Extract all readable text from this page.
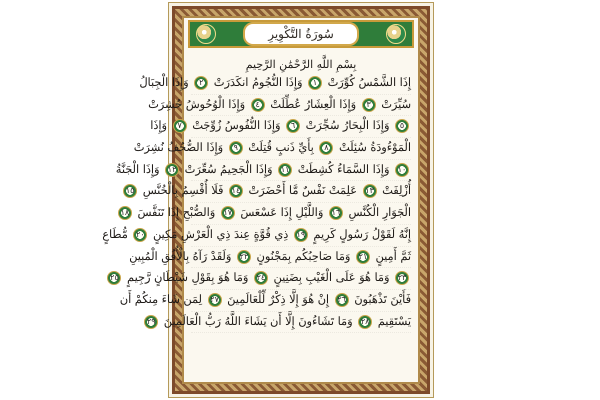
سُورَةُ التَّكْوِيرِ
بِسْمِ اللَّهِ الرَّحْمَٰنِ الرَّحِيمِ
إِذَا الشَّمْسُ كُوِّرَتْ ١ وَإِذَا النُّجُومُ انكَدَرَتْ ٢ وَإِذَا الْجِبَالُ
سُيِّرَتْ ٣ وَإِذَا الْعِشَارُ عُطِّلَتْ ٤ وَإِذَا الْوُحُوشُ حُشِرَتْ
٥ وَإِذَا الْبِحَارُ سُجِّرَتْ ٦ وَإِذَا النُّفُوسُ زُوِّجَتْ ٧ وَإِذَا
الْمَوْءُودَةُ سُئِلَتْ ٨ بِأَيِّ ذَنبٍ قُتِلَتْ ٩ وَإِذَا الصُّحُفُ نُشِرَتْ
١٠ وَإِذَا السَّمَاءُ كُشِطَتْ ١١ وَإِذَا الْجَحِيمُ سُعِّرَتْ ١٢ وَإِذَا الْجَنَّةُ
أُزْلِفَتْ ١٣ عَلِمَتْ نَفْسٌ مَّا أَحْضَرَتْ ١٤ فَلَا أُقْسِمُ بِالْخُنَّسِ ١٥
الْجَوَارِ الْكُنَّسِ ١٦ وَاللَّيْلِ إِذَا عَسْعَسَ ١٧ وَالصُّبْحِ إِذَا تَنَفَّسَ ١٨
إِنَّهُ لَقَوْلُ رَسُولٍ كَرِيمٍ ١٩ ذِي قُوَّةٍ عِندَ ذِي الْعَرْشِ مَكِينٍ ٢٠ مُّطَاعٍ
ثَمَّ أَمِينٍ ٢١ وَمَا صَاحِبُكُم بِمَجْنُونٍ ٢٢ وَلَقَدْ رَآهُ بِالْأُفُقِ الْمُبِينِ
٢٣ وَمَا هُوَ عَلَى الْغَيْبِ بِضَنِينٍ ٢٤ وَمَا هُوَ بِقَوْلِ شَيْطَانٍ رَّجِيمٍ ٢٥
فَأَيْنَ تَذْهَبُونَ ٢٦ إِنْ هُوَ إِلَّا ذِكْرٌ لِّلْعَالَمِينَ ٢٧ لِمَن شَاءَ مِنكُمْ أَن
يَسْتَقِيمَ ٢٨ وَمَا تَشَاءُونَ إِلَّا أَن يَشَاءَ اللَّهُ رَبُّ الْعَالَمِينَ ٢٩
